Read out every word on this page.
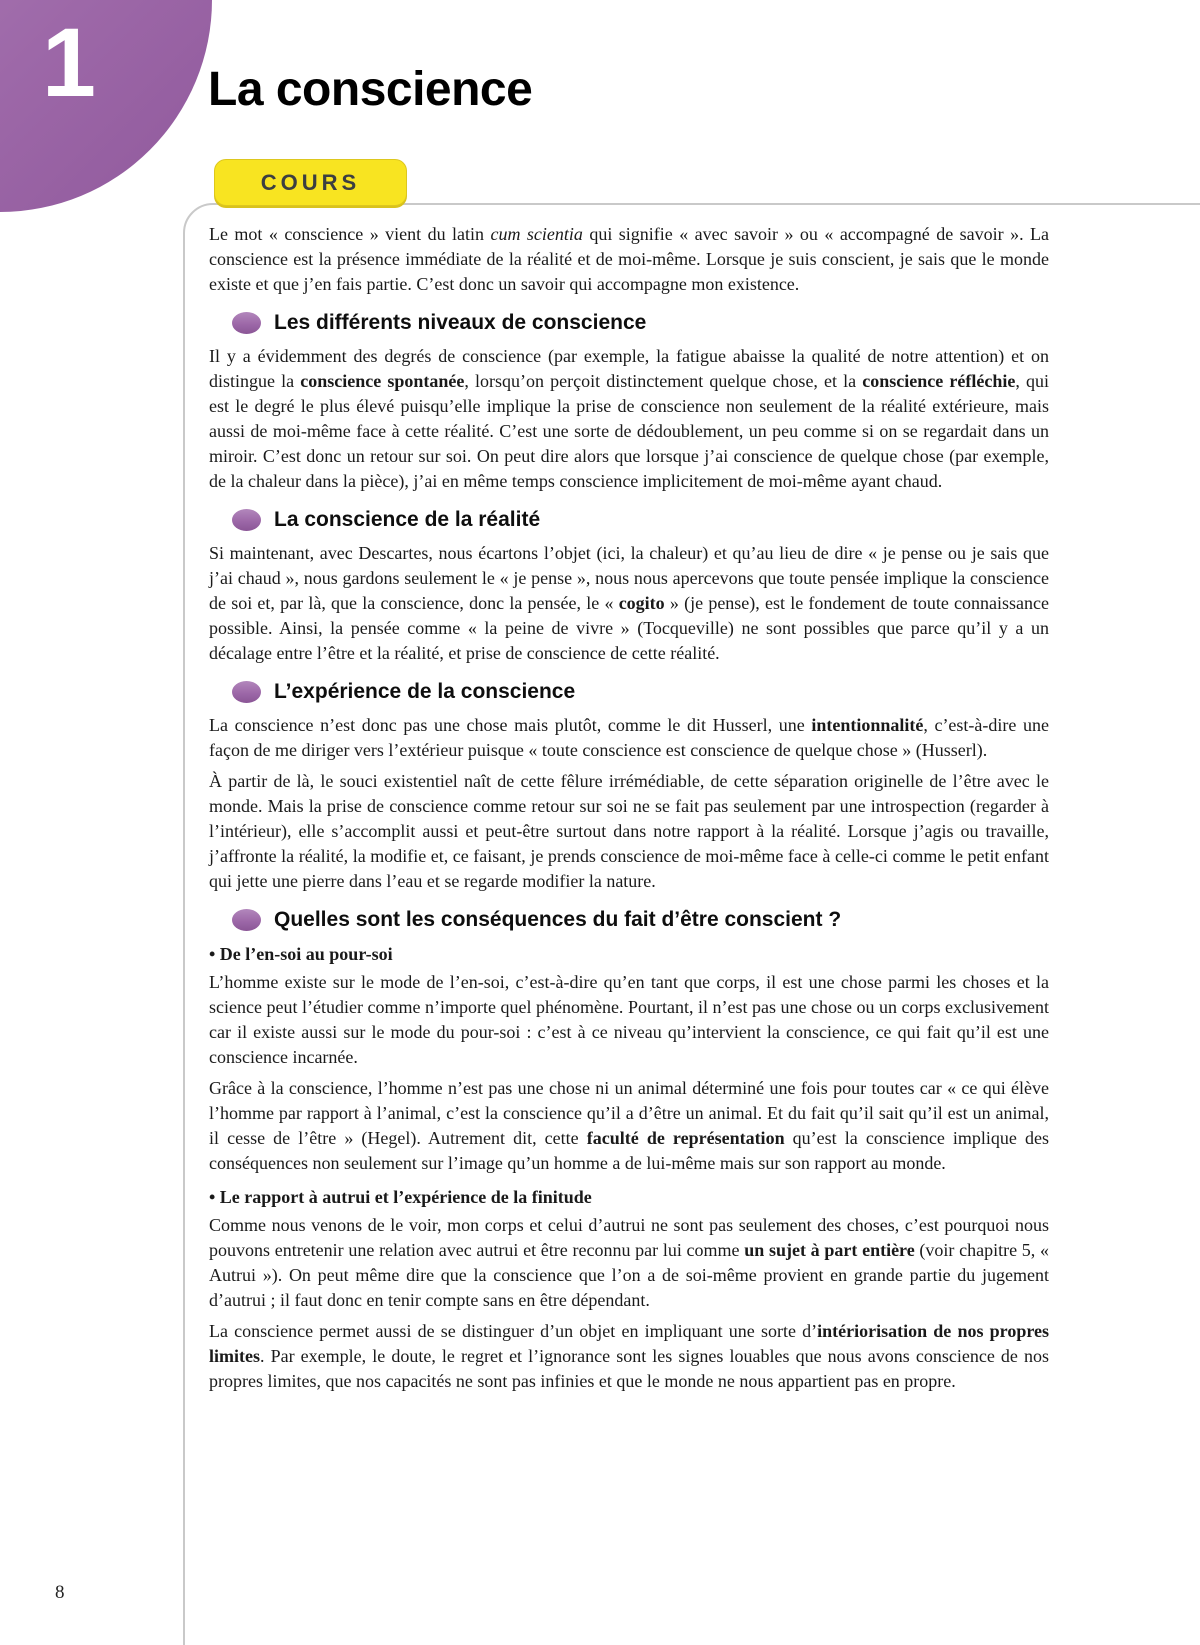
1 La conscience
COURS

Le mot « conscience » vient du latin cum scientia qui signifie « avec savoir » ou « accompagné de savoir ». La conscience est la présence immédiate de la réalité et de moi-même. Lorsque je suis conscient, je sais que le monde existe et que j’en fais partie. C’est donc un savoir qui accompagne mon existence.

Les différents niveaux de conscience

Il y a évidemment des degrés de conscience (par exemple, la fatigue abaisse la qualité de notre attention) et on distingue la conscience spontanée, lorsqu’on perçoit distinctement quelque chose, et la conscience réfléchie, qui est le degré le plus élevé puisqu’elle implique la prise de conscience non seulement de la réalité extérieure, mais aussi de moi-même face à cette réalité. C’est une sorte de dédoublement, un peu comme si on se regardait dans un miroir. C’est donc un retour sur soi. On peut dire alors que lorsque j’ai conscience de quelque chose (par exemple, de la chaleur dans la pièce), j’ai en même temps conscience implicitement de moi-même ayant chaud.

La conscience de la réalité

Si maintenant, avec Descartes, nous écartons l’objet (ici, la chaleur) et qu’au lieu de dire « je pense ou je sais que j’ai chaud », nous gardons seulement le « je pense », nous nous apercevons que toute pensée implique la conscience de soi et, par là, que la conscience, donc la pensée, le « cogito » (je pense), est le fondement de toute connaissance possible. Ainsi, la pensée comme « la peine de vivre » (Tocqueville) ne sont possibles que parce qu’il y a un décalage entre l’être et la réalité, et prise de conscience de cette réalité.

L’expérience de la conscience

La conscience n’est donc pas une chose mais plutôt, comme le dit Husserl, une intentionnalité, c’est-à-dire une façon de me diriger vers l’extérieur puisque « toute conscience est conscience de quelque chose » (Husserl).

À partir de là, le souci existentiel naît de cette fêlure irrémédiable, de cette séparation originelle de l’être avec le monde. Mais la prise de conscience comme retour sur soi ne se fait pas seulement par une introspection (regarder à l’intérieur), elle s’accomplit aussi et peut-être surtout dans notre rapport à la réalité. Lorsque j’agis ou travaille, j’affronte la réalité, la modifie et, ce faisant, je prends conscience de moi-même face à celle-ci comme le petit enfant qui jette une pierre dans l’eau et se regarde modifier la nature.

Quelles sont les conséquences du fait d’être conscient ?

• De l’en-soi au pour-soi

L’homme existe sur le mode de l’en-soi, c’est-à-dire qu’en tant que corps, il est une chose parmi les choses et la science peut l’étudier comme n’importe quel phénomène. Pourtant, il n’est pas une chose ou un corps exclusivement car il existe aussi sur le mode du pour-soi : c’est à ce niveau qu’intervient la conscience, ce qui fait qu’il est une conscience incarnée.

Grâce à la conscience, l’homme n’est pas une chose ni un animal déterminé une fois pour toutes car « ce qui élève l’homme par rapport à l’animal, c’est la conscience qu’il a d’être un animal. Et du fait qu’il sait qu’il est un animal, il cesse de l’être » (Hegel). Autrement dit, cette faculté de représentation qu’est la conscience implique des conséquences non seulement sur l’image qu’un homme a de lui-même mais sur son rapport au monde.

• Le rapport à autrui et l’expérience de la finitude

Comme nous venons de le voir, mon corps et celui d’autrui ne sont pas seulement des choses, c’est pourquoi nous pouvons entretenir une relation avec autrui et être reconnu par lui comme un sujet à part entière (voir chapitre 5, « Autrui »). On peut même dire que la conscience que l’on a de soi-même provient en grande partie du jugement d’autrui ; il faut donc en tenir compte sans en être dépendant.

La conscience permet aussi de se distinguer d’un objet en impliquant une sorte d’intériorisation de nos propres limites. Par exemple, le doute, le regret et l’ignorance sont les signes louables que nous avons conscience de nos propres limites, que nos capacités ne sont pas infinies et que le monde ne nous appartient pas en propre.

8
